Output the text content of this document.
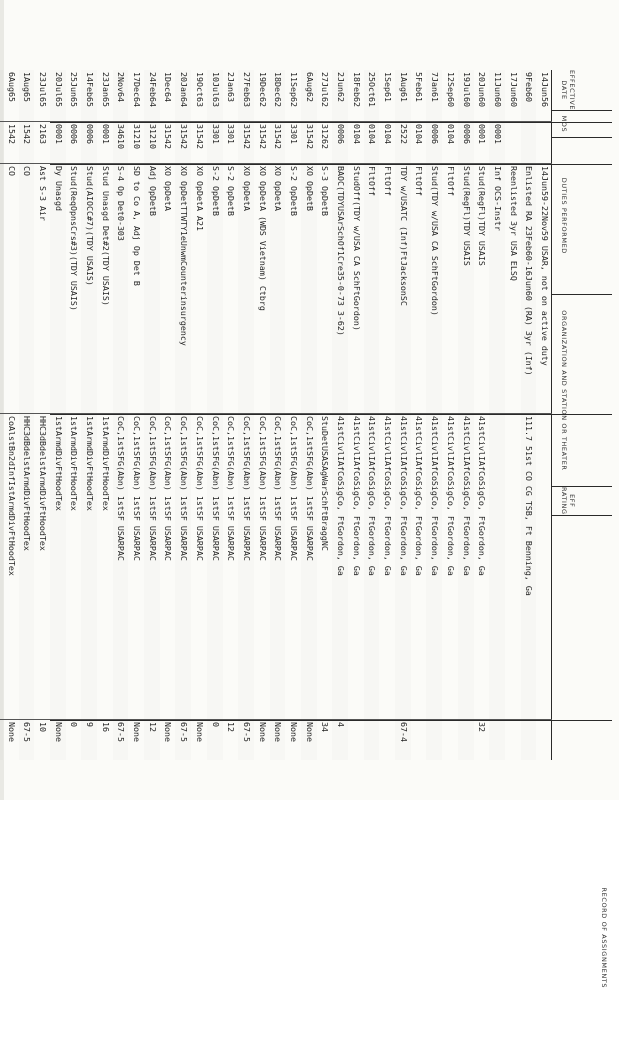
EFFECTIVE DATE
MOS
DUTIES PERFORMED
ORGANIZATION AND STATION OR THEATER
EFF RATING
RECORD OF ASSIGNMENTS
14Jun56
14Jun59-22Nov59 USAR, not on active duty
9Feb60
Enlisted RA 23Feb60-16Jun60 (RA) 3yr (Inf)
111.7 51st CO CG TSB, Ft Benning, Ga
17Jun60
Reenlisted 3yr USA ELSQ
11Jun60
0001
Inf OCS-Instr
20Jun60
0001
Stud(RegFl)TDY USAIS
41stCivlIAfCoSigCo, FtGordon, Ga
32
19Jul60
0006
Stud(RegFl)TDY USAIS
41stCivlIAfCoSigCo, FtGordon, Ga
12Sep60
0104
FltOff
41stCivlIAfCoSigCo, FtGordon, Ga
7Jan61
0006
Stud(TDY w/USA CA SchFtGordon)
41stCivlIAfCoSigCo, FtGordon, Ga
5Feb61
0104
FltOff
41stCivlIAfCoSigCo, FtGordon, Ga
1Aug61
2522
TDY w/USATC (Inf)FtJacksonSC
41stCivlIAfCoSigCo, FtGordon, Ga
67-4
1Sep61
0104
FltOff
41stCivlIAfCoSigCo, FtGordon, Ga
25Oct61
0104
FltOff
41stCivlIAfCoSigCo, FtGordon, Ga
18Feb62
0104
StudOff(TDY w/USA CA SchFtGordon)
41stCivlIAfCoSigCo, FtGordon, Ga
2Jun62
0006
BAOC(TDYUSArSchOf1Cre35-0-73 3-62)
41stCivlIAfCoSigCo, FtGordon, Ga
4
27Jul62
31262
S-3 OpDetB
StuDetUSASAgWarSchFtBraggNC
34
6Aug62
31542
XO OpDetB
CoC,1stSFG(Abn) 1stSF USARPAC
None
11Sep62
3301
S-2 OpDetB
CoC,1stSFG(Abn) 1stSF USARPAC
None
18Dec62
31542
XO OpDetA
CoC,1stSFG(Abn) 1stSF USARPAC
None
19Dec62
31542
XO OpDetA (WDS Vietnam) Ctbrg
CoC,1stSFG(Abn) 1stSF USARPAC
None
27Feb63
31542
XO OpDetA
CoC,1stSFG(Abn) 1stSF USARPAC
67-5
2Jan63
3301
S-2 OpDetB
CoC,1stSFG(Abn) 1stSF USARPAC
12
10Jul63
3301
S-2 OpDetB
CoC,1stSFG(Abn) 1stSF USARPAC
0
19Oct63
31542
XO OpDetA A21
CoC,1stSFG(Abn) 1stSF USARPAC
None
20Jan64
31542
XO OpDetTTWTY1eUnwmCounterinsurgency
CoC,1stSFG(Abn) 1stSF USARPAC
67-5
1Dec64
31542
XO OpDetA
CoC,1stSFG(Abn) 1stSF USARPAC
None
24Feb64
31210
Adj OpDetB
CoC,1stSFG(Abn) 1stSF USARPAC
12
17Dec64
31210
SD to Co A, Adj Op Det B
CoC,1stSFG(Abn) 1stSF USARPAC
None
2Nov64
34610
S-4 Op Det0-303
CoC,1stSFG(Abn) 1stSF USARPAC
67-5
23Jan65
0001
Stud Unasgd Det#2(TDY USAIS)
1stArmdDivFtHoodTex
16
14Feb65
0006
Stud(AIOCC#7)(TDY USAIS)
1stArmdDivFtHoodTex
9
25Jun65
0006
Stud(ReqOpnsCrs#3)(TDY USAIS)
1stArmdDivFtHoodTex
0
20Jul65
0001
Dy Unasgd
1stArmdDivFtHoodTex
None
23Jul65
2163
Ast S-3 Air
HHC3dBdelstArmdDivFtHoodTex
10
1Aug65
1542
CO
HHC3dBdelstArmdDivFtHoodTex
67-5
6Aug65
1542
CO
CoAlstBn2dInfIstArmdDivFtHoodTex
None
